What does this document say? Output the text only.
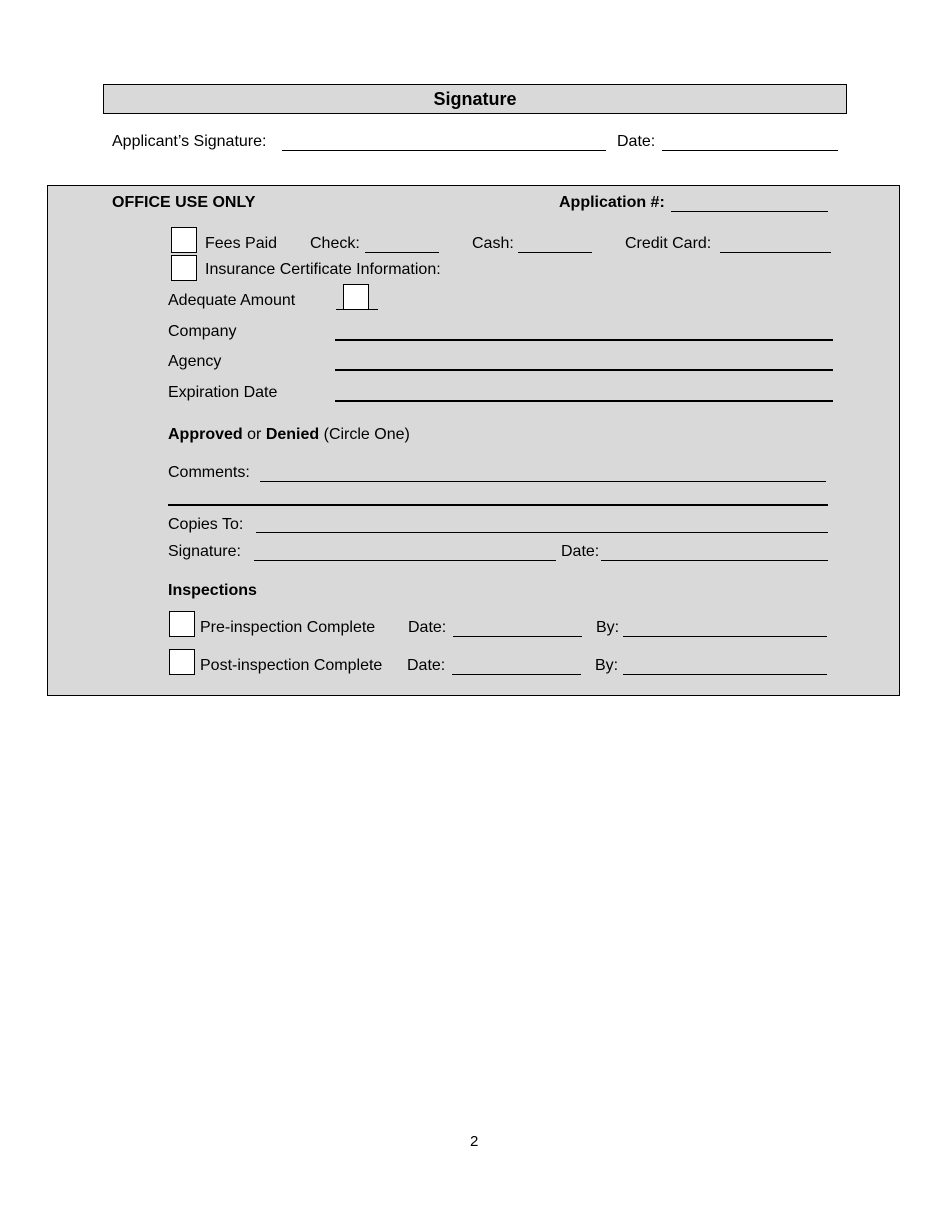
Signature
Applicant’s Signature:	Date:
OFFICE USE ONLY	Application #:
Fees Paid Check:	Cash:	Credit Card:
Insurance Certificate Information:
Adequate Amount
Company
Agency
Expiration Date
Approved or Denied (Circle One)
Comments:
Copies To:
Signature:	Date:
Inspections
Pre-inspection Complete Date:	By:
Post-inspection Complete Date:	By:
2
